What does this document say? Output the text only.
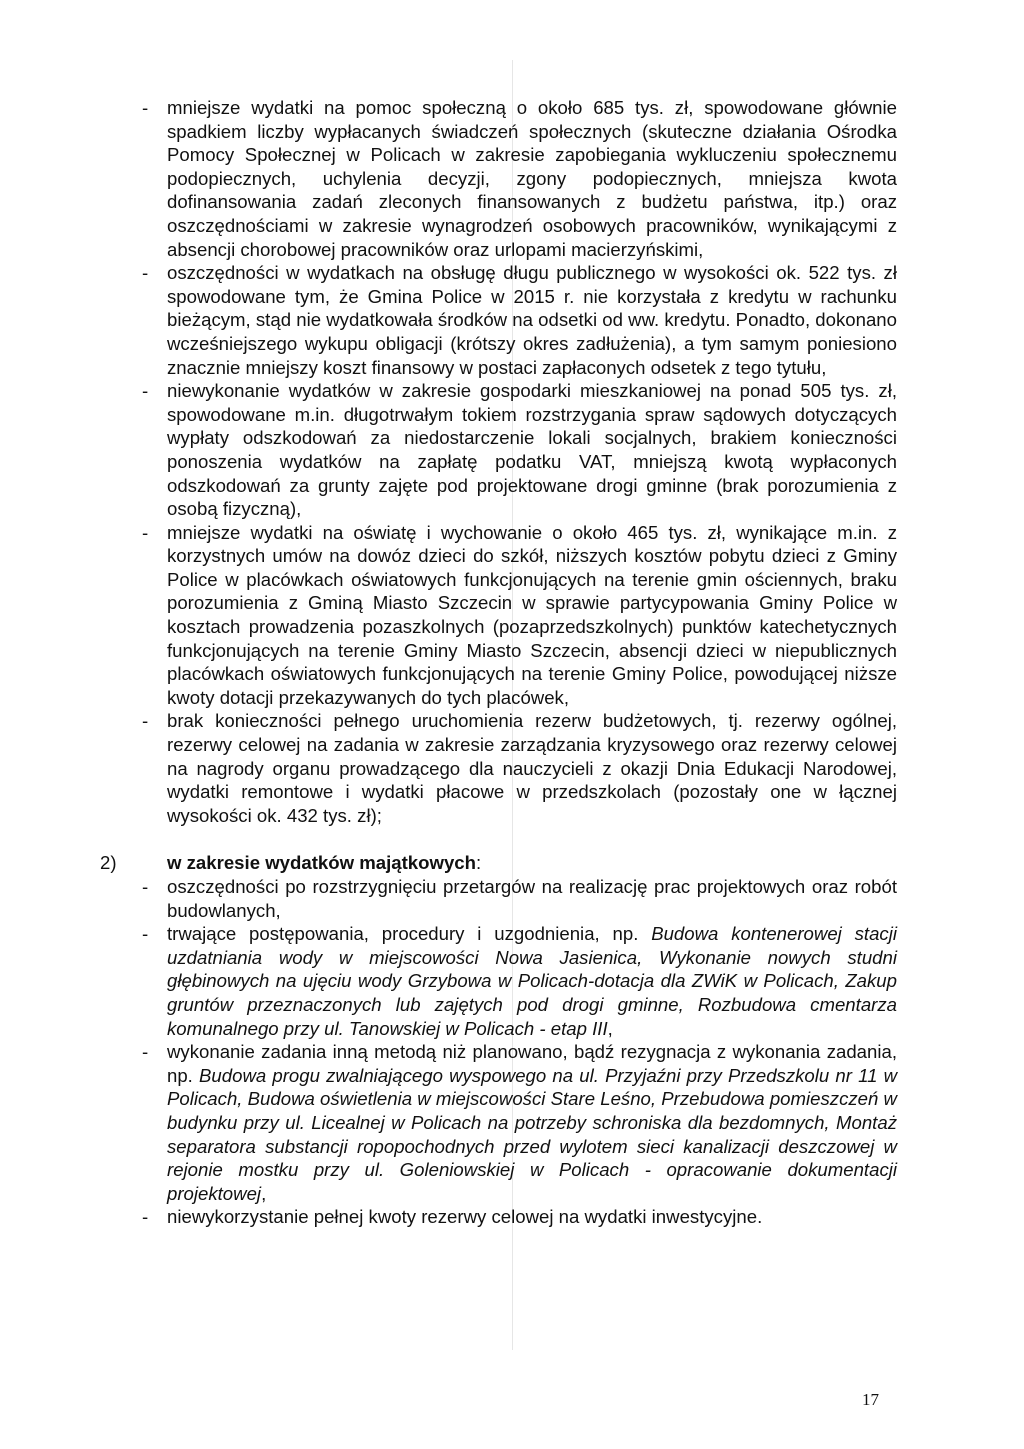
- mniejsze wydatki na pomoc społeczną o około 685 tys. zł, spowodowane głównie spadkiem liczby wypłacanych świadczeń społecznych (skuteczne działania Ośrodka Pomocy Społecznej w Policach w zakresie zapobiegania wykluczeniu społecznemu podopiecznych, uchylenia decyzji, zgony podopiecznych, mniejsza kwota dofinansowania zadań zleconych finansowanych z budżetu państwa, itp.) oraz oszczędnościami w zakresie wynagrodzeń osobowych pracowników, wynikającymi z absencji chorobowej pracowników oraz urlopami macierzyńskimi,
- oszczędności w wydatkach na obsługę długu publicznego w wysokości ok. 522 tys. zł spowodowane tym, że Gmina Police w 2015 r. nie korzystała z kredytu w rachunku bieżącym, stąd nie wydatkowała środków na odsetki od ww. kredytu. Ponadto, dokonano wcześniejszego wykupu obligacji (krótszy okres zadłużenia), a tym samym poniesiono znacznie mniejszy koszt finansowy w postaci zapłaconych odsetek z tego tytułu,
- niewykonanie wydatków w zakresie gospodarki mieszkaniowej na ponad 505 tys. zł, spowodowane m.in. długotrwałym tokiem rozstrzygania spraw sądowych dotyczących wypłaty odszkodowań za niedostarczenie lokali socjalnych, brakiem konieczności ponoszenia wydatków na zapłatę podatku VAT, mniejszą kwotą wypłaconych odszkodowań za grunty zajęte pod projektowane drogi gminne (brak porozumienia z osobą fizyczną),
- mniejsze wydatki na oświatę i wychowanie o około 465 tys. zł, wynikające m.in. z korzystnych umów na dowóz dzieci do szkół, niższych kosztów pobytu dzieci z Gminy Police w placówkach oświatowych funkcjonujących na terenie gmin ościennych, braku porozumienia z Gminą Miasto Szczecin w sprawie partycypowania Gminy Police w kosztach prowadzenia pozaszkolnych (pozaprzedszkolnych) punktów katechetycznych funkcjonujących na terenie Gminy Miasto Szczecin, absencji dzieci w niepublicznych placówkach oświatowych funkcjonujących na terenie Gminy Police, powodującej niższe kwoty dotacji przekazywanych do tych placówek,
- brak konieczności pełnego uruchomienia rezerw budżetowych, tj. rezerwy ogólnej, rezerwy celowej na zadania w zakresie zarządzania kryzysowego oraz rezerwy celowej na nagrody organu prowadzącego dla nauczycieli z okazji Dnia Edukacji Narodowej, wydatki remontowe i wydatki płacowe w przedszkolach (pozostały one w łącznej wysokości ok. 432 tys. zł);
2)	w zakresie wydatków majątkowych:
- oszczędności po rozstrzygnięciu przetargów na realizację prac projektowych oraz robót budowlanych,
- trwające postępowania, procedury i uzgodnienia, np. Budowa kontenerowej stacji uzdatniania wody w miejscowości Nowa Jasienica, Wykonanie nowych studni głębinowych na ujęciu wody Grzybowa w Policach-dotacja dla ZWiK w Policach, Zakup gruntów przeznaczonych lub zajętych pod drogi gminne, Rozbudowa cmentarza komunalnego przy ul. Tanowskiej w Policach - etap III,
- wykonanie zadania inną metodą niż planowano, bądź rezygnacja z wykonania zadania, np. Budowa progu zwalniającego wyspowego na ul. Przyjaźni przy Przedszkolu nr 11 w Policach, Budowa oświetlenia w miejscowości Stare Leśno, Przebudowa pomieszczeń w budynku przy ul. Licealnej w Policach na potrzeby schroniska dla bezdomnych, Montaż separatora substancji ropopochodnych przed wylotem sieci kanalizacji deszczowej w rejonie mostku przy ul. Goleniowskiej w Policach - opracowanie dokumentacji projektowej,
- niewykorzystanie pełnej kwoty rezerwy celowej na wydatki inwestycyjne.
17
